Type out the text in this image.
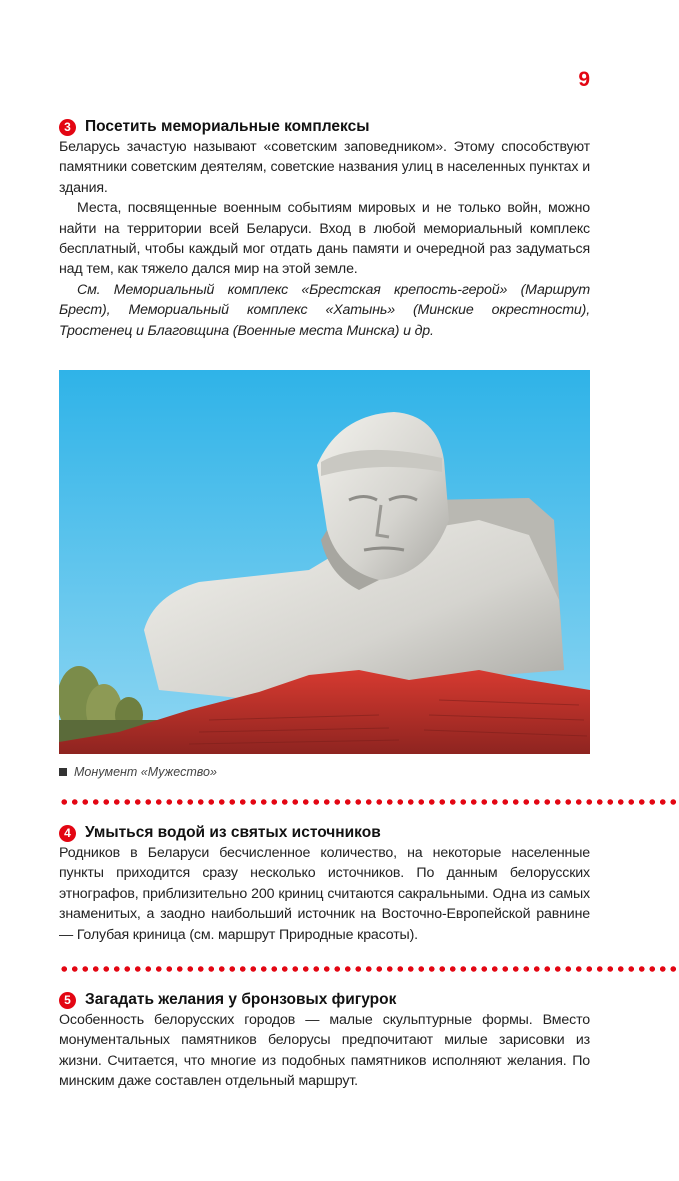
9
3 Посетить мемориальные комплексы

Беларусь зачастую называют «советским заповедником». Этому способствуют памятники советским деятелям, советские названия улиц в населенных пунктах и здания.

Места, посвященные военным событиям мировых и не только войн, можно найти на территории всей Беларуси. Вход в любой мемориальный комплекс бесплатный, чтобы каждый мог отдать дань памяти и очередной раз задуматься над тем, как тяжело дался мир на этой земле.

См. Мемориальный комплекс «Брестская крепость-герой» (Маршрут Брест), Мемориальный комплекс «Хатынь» (Минские окрестности), Тростенец и Благовщина (Военные места Минска) и др.

Монумент «Мужество»
4 Умыться водой из святых источников

Родников в Беларуси бесчисленное количество, на некоторые населенные пункты приходится сразу несколько источников. По данным белорусских этнографов, приблизительно 200 криниц считаются сакральными. Одна из самых знаменитых, а заодно наибольший источник на Восточно-Европейской равнине — Голубая криница (см. маршрут Природные красоты).

5 Загадать желания у бронзовых фигурок

Особенность белорусских городов — малые скульптурные формы. Вместо монументальных памятников белорусы предпочитают милые зарисовки из жизни. Считается, что многие из подобных памятников исполняют желания. По минским даже составлен отдельный маршрут.
